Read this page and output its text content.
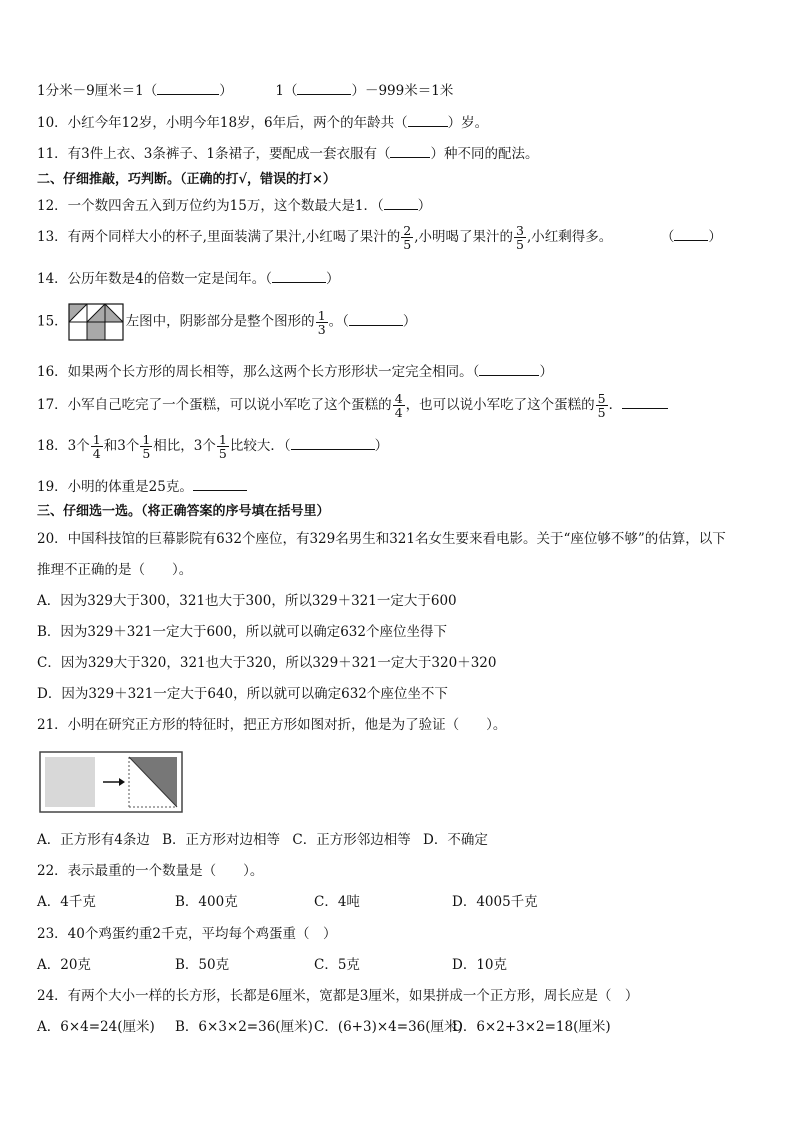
1分米－9厘米＝1（	）	1（	）－999米＝1米
10．小红今年12岁，小明今年18岁，6年后，两个的年龄共（	）岁。
11．有3件上衣、3条裤子、1条裙子，要配成一套衣服有（	）种不同的配法。
二、仔细推敲，巧判断。（正确的打√，错误的打×）
12．一个数四舍五入到万位约为15万，这个数最大是1．（	）
13．有两个同样大小的杯子,里面装满了果汁,小红喝了果汁的 $\frac{2}{5}$ ,小明喝了果汁的 $\frac{3}{5}$ ,小红剩得多。	（	）
14．公历年数是4的倍数一定是闰年。（	）
15．	左图中，阴影部分是整个图形的 $\frac{1}{3}$ 。（	）
16．如果两个长方形的周长相等，那么这两个长方形形状一定完全相同。（	）
17．小军自己吃完了一个蛋糕，可以说小军吃了这个蛋糕的 $\frac{4}{4}$ ，也可以说小军吃了这个蛋糕的 $\frac{5}{5}$ ．
18．3个 $\frac{1}{4}$ 和3个 $\frac{1}{5}$ 相比，3个 $\frac{1}{5}$ 比较大．（	）
19．小明的体重是25克。
三、仔细选一选。（将正确答案的序号填在括号里）
20．中国科技馆的巨幕影院有632个座位，有329名男生和321名女生要来看电影。关于“座位够不够”的估算，以下
推理不正确的是（　　）。
A．因为329大于300，321也大于300，所以329＋321一定大于600
B．因为329＋321一定大于600，所以就可以确定632个座位坐得下
C．因为329大于320，321也大于320，所以329＋321一定大于320＋320
D．因为329＋321一定大于640，所以就可以确定632个座位坐不下
21．小明在研究正方形的特征时，把正方形如图对折，他是为了验证（　　）。
A．正方形有4条边 B．正方形对边相等 C．正方形邻边相等 D．不确定
22．表示最重的一个数量是（　　）。
A．4千克	B．400克	C．4吨	D．4005千克
23．40个鸡蛋约重2千克，平均每个鸡蛋重（　）
A．20克	B．50克	C．5克	D．10克
24．有两个大小一样的长方形，长都是6厘米，宽都是3厘米，如果拼成一个正方形，周长应是（　）
A．6×4=24(厘米) B．6×3×2=36(厘米) C．(6+3)×4=36(厘米)
D．6×2+3×2=18(厘米)
